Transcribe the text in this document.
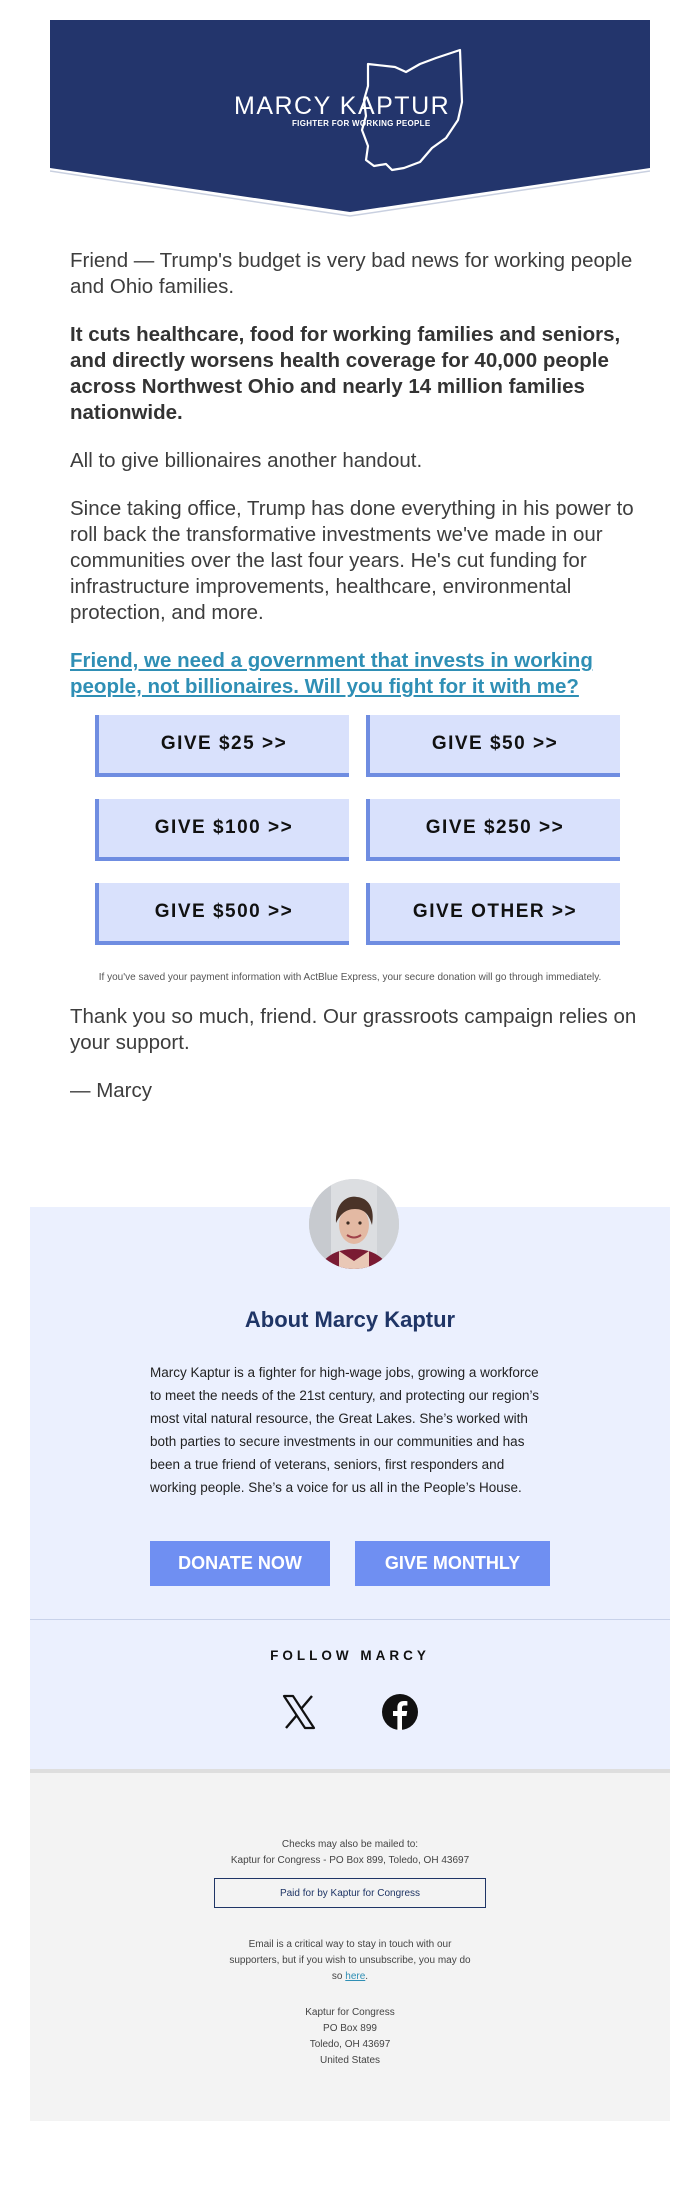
MARCY KAPTUR
FIGHTER FOR WORKING PEOPLE

Friend — Trump's budget is very bad news for working people and Ohio families.

It cuts healthcare, food for working families and seniors, and directly worsens health coverage for 40,000 people across Northwest Ohio and nearly 14 million families nationwide.

All to give billionaires another handout.

Since taking office, Trump has done everything in his power to roll back the transformative investments we've made in our communities over the last four years. He's cut funding for infrastructure improvements, healthcare, environmental protection, and more.

Friend, we need a government that invests in working people, not billionaires. Will you fight for it with me?

GIVE $25 >>	GIVE $50 >>
GIVE $100 >>	GIVE $250 >>
GIVE $500 >>	GIVE OTHER >>
If you've saved your payment information with ActBlue Express, your secure donation will go through immediately.

Thank you so much, friend. Our grassroots campaign relies on your support.

— Marcy

About Marcy Kaptur
Marcy Kaptur is a fighter for high-wage jobs, growing a workforce to meet the needs of the 21st century, and protecting our region’s most vital natural resource, the Great Lakes. She’s worked with both parties to secure investments in our communities and has been a true friend of veterans, seniors, first responders and working people. She’s a voice for us all in the People’s House.
DONATE NOW	GIVE MONTHLY
FOLLOW MARCY
Checks may also be mailed to:
Kaptur for Congress - PO Box 899, Toledo, OH 43697
Paid for by Kaptur for Congress
Email is a critical way to stay in touch with our
supporters, but if you wish to unsubscribe, you may do
so here.
Kaptur for Congress
PO Box 899
Toledo, OH 43697
United States
